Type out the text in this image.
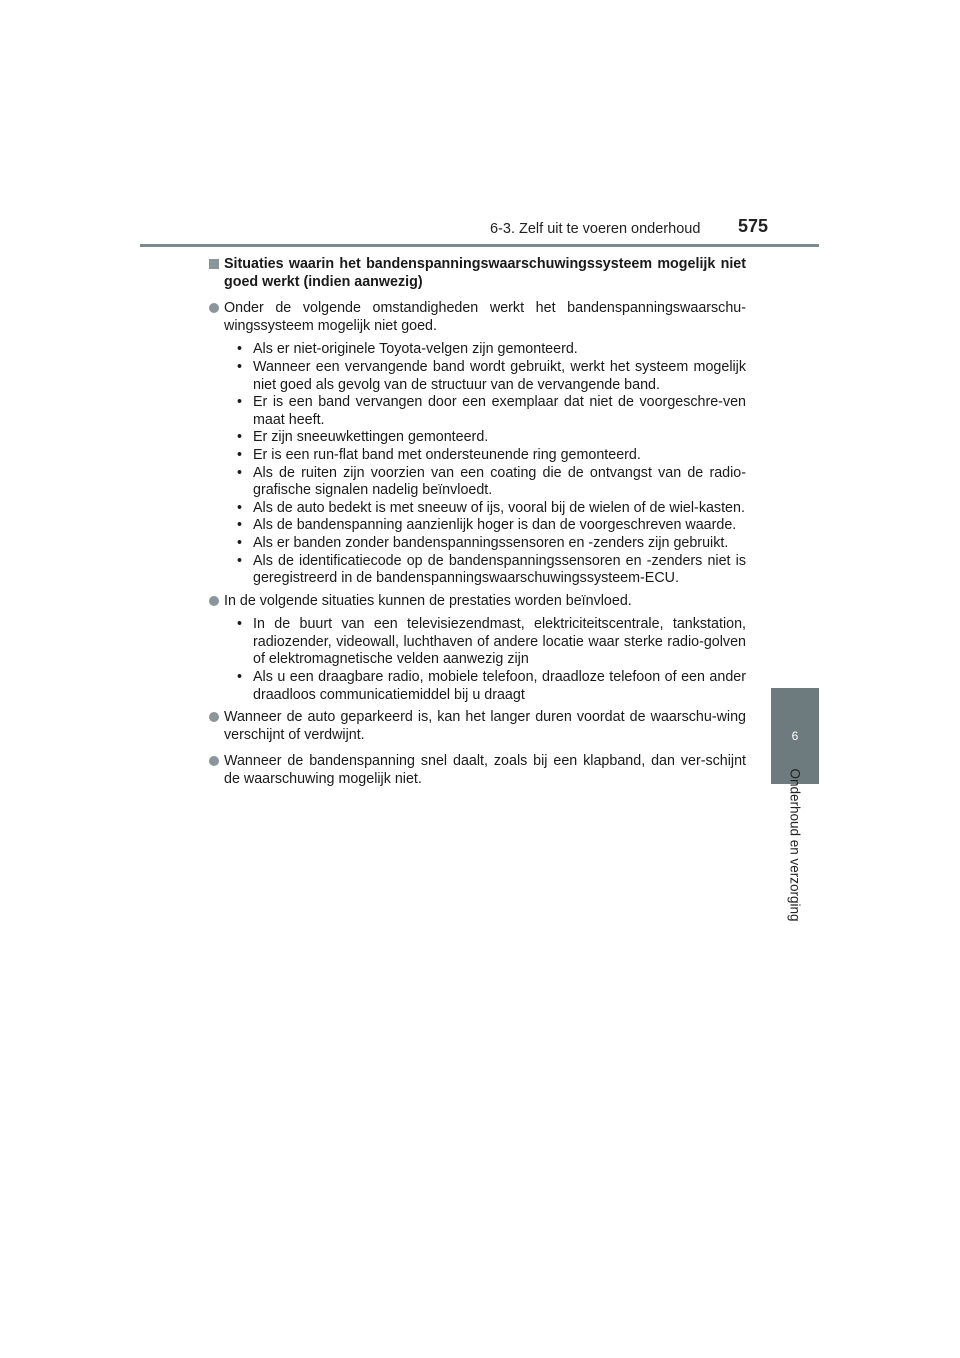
6-3. Zelf uit te voeren onderhoud 575
6
Onderhoud en verzorging
Situaties waarin het bandenspanningswaarschuwingssysteem mogelijk niet goed werkt (indien aanwezig)
Onder de volgende omstandigheden werkt het bandenspanningswaarschu-wingssysteem mogelijk niet goed.
• Als er niet-originele Toyota-velgen zijn gemonteerd.
• Wanneer een vervangende band wordt gebruikt, werkt het systeem mogelijk niet goed als gevolg van de structuur van de vervangende band.
• Er is een band vervangen door een exemplaar dat niet de voorgeschre-ven maat heeft.
• Er zijn sneeuwkettingen gemonteerd.
• Er is een run-flat band met ondersteunende ring gemonteerd.
• Als de ruiten zijn voorzien van een coating die de ontvangst van de radio-grafische signalen nadelig beïnvloedt.
• Als de auto bedekt is met sneeuw of ijs, vooral bij de wielen of de wiel-kasten.
• Als de bandenspanning aanzienlijk hoger is dan de voorgeschreven waarde.
• Als er banden zonder bandenspanningssensoren en -zenders zijn gebruikt.
• Als de identificatiecode op de bandenspanningssensoren en -zenders niet is geregistreerd in de bandenspanningswaarschuwingssysteem-ECU.
In de volgende situaties kunnen de prestaties worden beïnvloed.
• In de buurt van een televisiezendmast, elektriciteitscentrale, tankstation, radiozender, videowall, luchthaven of andere locatie waar sterke radio-golven of elektromagnetische velden aanwezig zijn
• Als u een draagbare radio, mobiele telefoon, draadloze telefoon of een ander draadloos communicatiemiddel bij u draagt
Wanneer de auto geparkeerd is, kan het langer duren voordat de waarschu-wing verschijnt of verdwijnt.
Wanneer de bandenspanning snel daalt, zoals bij een klapband, dan ver-schijnt de waarschuwing mogelijk niet.
